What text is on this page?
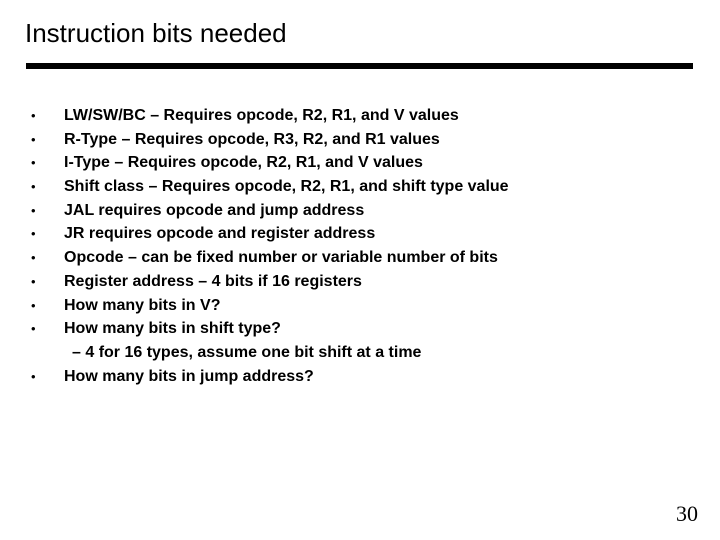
Instruction bits needed
• LW/SW/BC – Requires opcode, R2, R1, and V values
• R-Type – Requires opcode, R3, R2, and R1 values
• I-Type – Requires opcode, R2, R1, and V values
• Shift class – Requires opcode, R2, R1, and shift type value
• JAL requires opcode and jump address
• JR requires opcode and register address
• Opcode – can be fixed number or variable number of bits
• Register address – 4 bits if 16 registers
• How many bits in V?
• How many bits in shift type?
– 4 for 16 types, assume one bit shift at a time
• How many bits in jump address?
30
